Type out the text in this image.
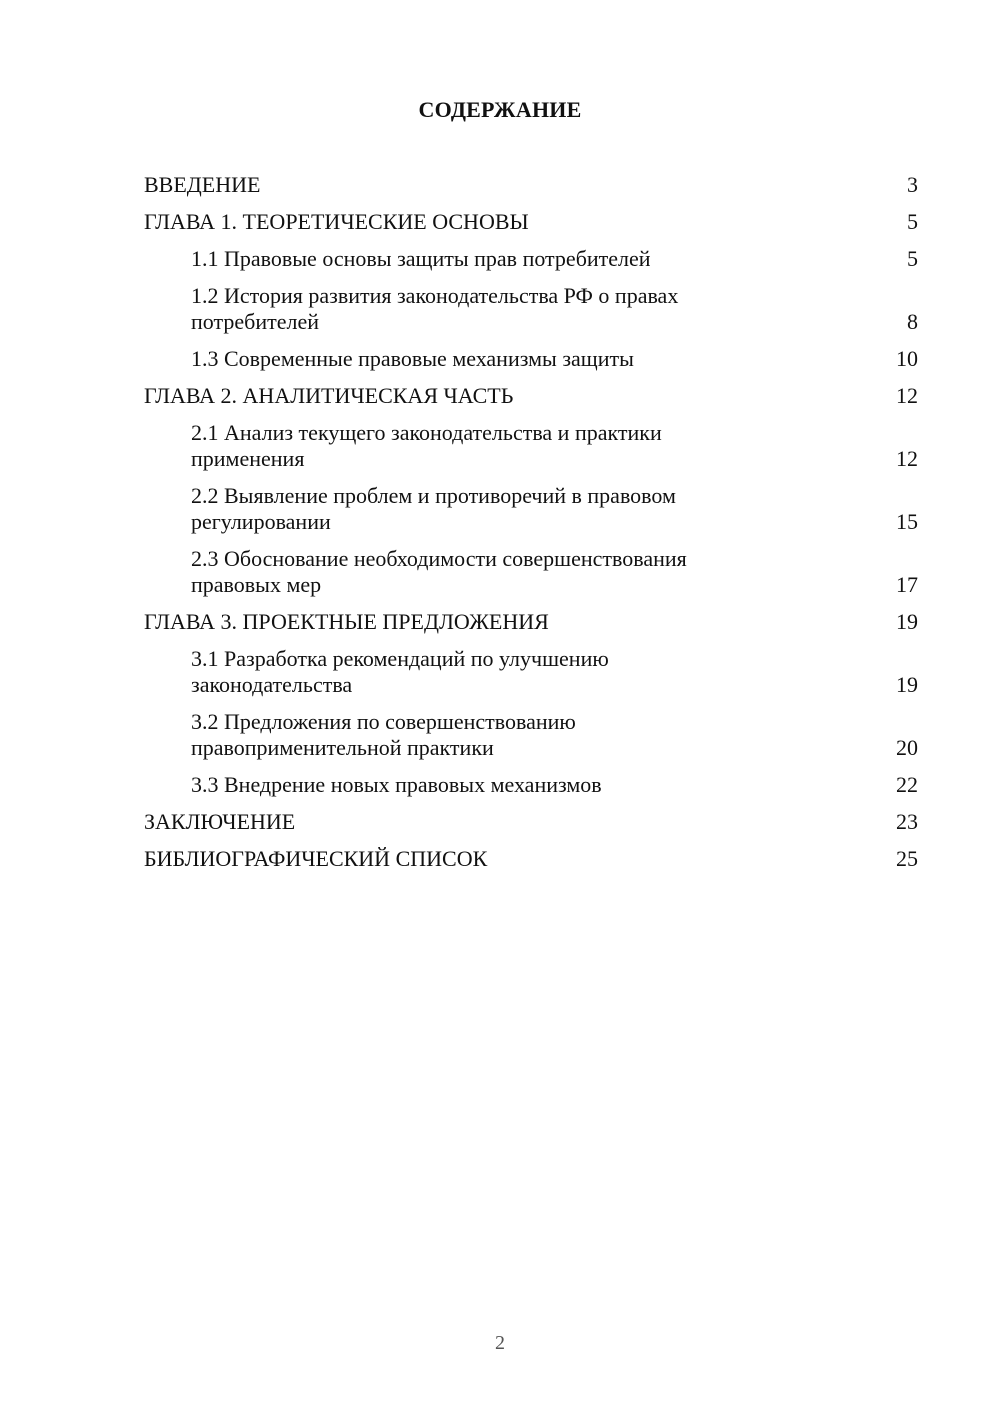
СОДЕРЖАНИЕ
ВВЕДЕНИЕ	3
ГЛАВА 1. ТЕОРЕТИЧЕСКИЕ ОСНОВЫ	5
1.1 Правовые основы защиты прав потребителей	5
1.2 История развития законодательства РФ о правах потребителей	8
1.3 Современные правовые механизмы защиты	10
ГЛАВА 2. АНАЛИТИЧЕСКАЯ ЧАСТЬ	12
2.1 Анализ текущего законодательства и практики применения	12
2.2 Выявление проблем и противоречий в правовом регулировании	15
2.3 Обоснование необходимости совершенствования правовых мер	17
ГЛАВА 3. ПРОЕКТНЫЕ ПРЕДЛОЖЕНИЯ	19
3.1 Разработка рекомендаций по улучшению законодательства	19
3.2 Предложения по совершенствованию правоприменительной практики	20
3.3 Внедрение новых правовых механизмов	22
ЗАКЛЮЧЕНИЕ	23
БИБЛИОГРАФИЧЕСКИЙ СПИСОК	25
2
